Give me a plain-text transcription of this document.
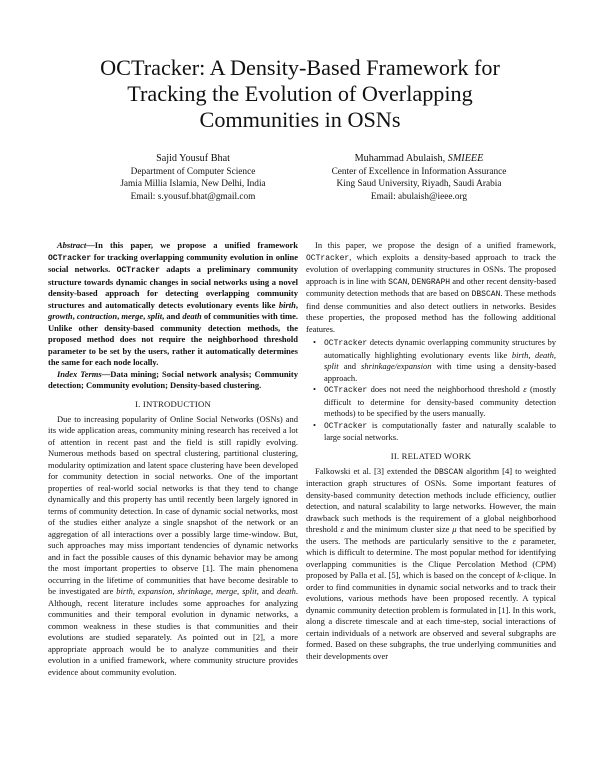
OCTracker: A Density-Based Framework for
Tracking the Evolution of Overlapping
Communities in OSNs
Sajid Yousuf Bhat
Department of Computer Science
Jamia Millia Islamia, New Delhi, India
Email: s.yousuf.bhat@gmail.com
Muhammad Abulaish, SMIEEE
Center of Excellence in Information Assurance
King Saud University, Riyadh, Saudi Arabia
Email: abulaish@ieee.org

Abstract—In this paper, we propose a unified framework OCTracker for tracking overlapping community evolution in online social networks. OCTracker adapts a preliminary community structure towards dynamic changes in social networks using a novel density-based approach for detecting overlapping community structures and automatically detects evolutionary events like birth, growth, contraction, merge, split, and death of communities with time. Unlike other density-based community detection methods, the proposed method does not require the neighborhood threshold parameter to be set by the users, rather it automatically determines the same for each node locally.

Index Terms—Data mining; Social network analysis; Community detection; Community evolution; Density-based clustering.

I. INTRODUCTION

Due to increasing popularity of Online Social Networks (OSNs) and its wide application areas, community mining research has received a lot of attention in recent past and the field is still rapidly evolving. Numerous methods based on spectral clustering, partitional clustering, modularity optimization and latent space clustering have been developed for community detection in social networks. One of the important properties of real-world social networks is that they tend to change dynamically and this property has until recently been largely ignored in terms of community detection. In case of dynamic social networks, most of the studies either analyze a single snapshot of the network or an aggregation of all interactions over a possibly large time-window. But, such approaches may miss important tendencies of dynamic networks and in fact the possible causes of this dynamic behavior may be among the most important properties to observe [1]. The main phenomena occurring in the lifetime of communities that have become desirable to be investigated are birth, expansion, shrinkage, merge, split, and death. Although, recent literature includes some approaches for analyzing communities and their temporal evolution in dynamic networks, a common weakness in these studies is that communities and their evolutions are studied separately. As pointed out in [2], a more appropriate approach would be to analyze communities and their evolution in a unified framework, where community structure provides evidence about community evolution.

In this paper, we propose the design of a unified framework, OCTracker, which exploits a density-based approach to track the evolution of overlapping community structures in OSNs. The proposed approach is in line with SCAN, DENGRAPH and other recent density-based community detection methods that are based on DBSCAN. These methods find dense communities and also detect outliers in networks. Besides these properties, the proposed method has the following additional features.

• OCTracker detects dynamic overlapping community structures by automatically highlighting evolutionary events like birth, death, split and shrinkage/expansion with time using a density-based approach.
• OCTracker does not need the neighborhood threshold ε (mostly difficult to determine for density-based community detection methods) to be specified by the users manually.
• OCTracker is computationally faster and naturally scalable to large social networks.
II. RELATED WORK

Falkowski et al. [3] extended the DBSCAN algorithm [4] to weighted interaction graph structures of OSNs. Some important features of density-based community detection methods include efficiency, outlier detection, and natural scalability to large networks. However, the main drawback such methods is the requirement of a global neighborhood threshold ε and the minimum cluster size μ that need to be specified by the users. The methods are particularly sensitive to the ε parameter, which is difficult to determine. The most popular method for identifying overlapping communities is the Clique Percolation Method (CPM) proposed by Palla et al. [5], which is based on the concept of k-clique. In order to find communities in dynamic social networks and to track their evolutions, various methods have been proposed recently. A typical dynamic community detection problem is formulated in [1]. In this work, along a discrete timescale and at each time-step, social interactions of certain individuals of a network are observed and several subgraphs are formed. Based on these subgraphs, the true underlying communities and their developments over
